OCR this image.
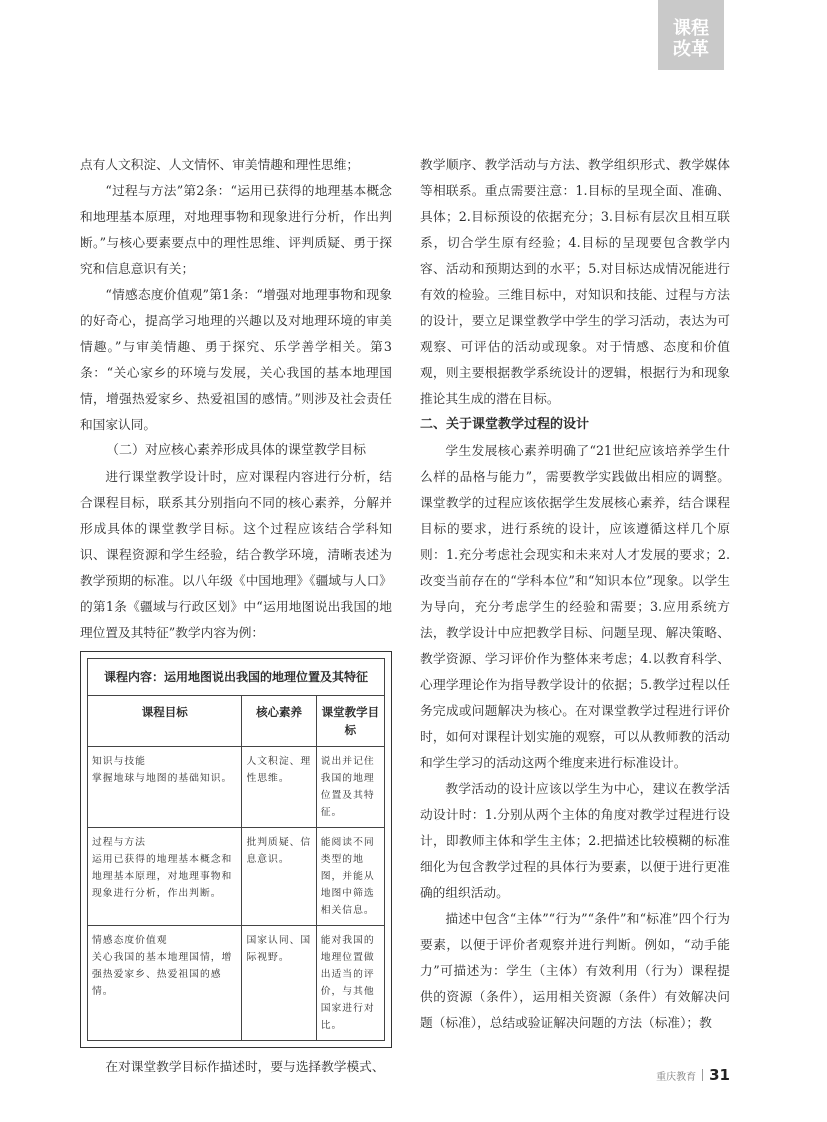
课程
改革

点有人文积淀、人文情怀、审美情趣和理性思维；

“过程与方法”第2条：“运用已获得的地理基本概念和地理基本原理，对地理事物和现象进行分析，作出判断。”与核心要素要点中的理性思维、评判质疑、勇于探究和信息意识有关；

“情感态度价值观”第1条：“增强对地理事物和现象的好奇心，提高学习地理的兴趣以及对地理环境的审美情趣。”与审美情趣、勇于探究、乐学善学相关。第3条：“关心家乡的环境与发展，关心我国的基本地理国情，增强热爱家乡、热爱祖国的感情。”则涉及社会责任和国家认同。

（二）对应核心素养形成具体的课堂教学目标

进行课堂教学设计时，应对课程内容进行分析，结合课程目标，联系其分别指向不同的核心素养，分解并形成具体的课堂教学目标。这个过程应该结合学科知识、课程资源和学生经验，结合教学环境，清晰表述为教学预期的标准。以八年级《中国地理》《疆域与人口》的第1条《疆域与行政区划》中“运用地图说出我国的地理位置及其特征”教学内容为例：

课程内容：运用地图说出我国的地理位置及其特征		
课程目标	核心素养	课堂教学目标

知识与技能
掌握地球与地图的基础知识。	人文积淀、理性思维。	说出并记住我国的地理位置及其特征。

过程与方法
运用已获得的地理基本概念和地理基本原理，对地理事物和现象进行分析，作出判断。	批判质疑、信息意识。	能阅读不同类型的地图，并能从地图中筛选相关信息。

情感态度价值观
关心我国的基本地理国情，增强热爱家乡、热爱祖国的感情。	国家认同、国际视野。	能对我国的地理位置做出适当的评价，与其他国家进行对比。

在对课堂教学目标作描述时，要与选择教学模式、

教学顺序、教学活动与方法、教学组织形式、教学媒体等相联系。重点需要注意：1.目标的呈现全面、准确、具体；2.目标预设的依据充分；3.目标有层次且相互联系，切合学生原有经验；4.目标的呈现要包含教学内容、活动和预期达到的水平；5.对目标达成情况能进行有效的检验。三维目标中，对知识和技能、过程与方法的设计，要立足课堂教学中学生的学习活动，表达为可观察、可评估的活动或现象。对于情感、态度和价值观，则主要根据教学系统设计的逻辑，根据行为和现象推论其生成的潜在目标。

二、关于课堂教学过程的设计

学生发展核心素养明确了“21世纪应该培养学生什么样的品格与能力”，需要教学实践做出相应的调整。课堂教学的过程应该依据学生发展核心素养，结合课程目标的要求，进行系统的设计，应该遵循这样几个原则：1.充分考虑社会现实和未来对人才发展的要求；2.改变当前存在的“学科本位”和“知识本位”现象。以学生为导向，充分考虑学生的经验和需要；3.应用系统方法，教学设计中应把教学目标、问题呈现、解决策略、教学资源、学习评价作为整体来考虑；4.以教育科学、心理学理论作为指导教学设计的依据；5.教学过程以任务完成或问题解决为核心。在对课堂教学过程进行评价时，如何对课程计划实施的观察，可以从教师教的活动和学生学习的活动这两个维度来进行标准设计。

教学活动的设计应该以学生为中心，建议在教学活动设计时：1.分别从两个主体的角度对教学过程进行设计，即教师主体和学生主体；2.把描述比较模糊的标准细化为包含教学过程的具体行为要素，以便于进行更准确的组织活动。

描述中包含“主体”“行为”“条件”和“标准”四个行为要素，以便于评价者观察并进行判断。例如，“动手能力”可描述为：学生（主体）有效利用（行为）课程提供的资源（条件），运用相关资源（条件）有效解决问题（标准），总结或验证解决问题的方法（标准）；教

重庆教育 31
